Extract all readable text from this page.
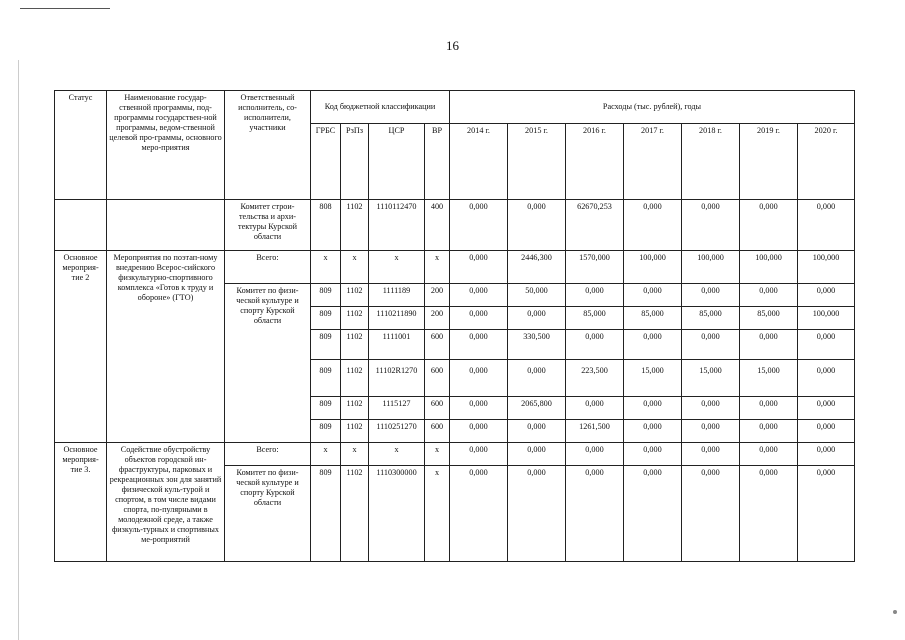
16
Статус	Наименование государ-ственной программы, под-программы государствен-ной программы, ведом-ственной целевой про-граммы, основного меро-приятия	Ответственный исполнитель, со-исполнители, участники	Код бюджетной классификации				Расходы (тыс. рублей), годы						
			ГРБС	РзПз	ЦСР	ВР	2014 г.	2015 г.	2016 г.	2017 г.	2018 г.	2019 г.	2020 г.
		Комитет строи-тельства и архи-тектуры Курской области	808	1102	1110112470	400	0,000	0,000	62670,253	0,000	0,000	0,000	0,000
Основное мероприя-тие 2	Мероприятия по поэтап-ному внедрению Всерос-сийского физкультурно-спортивного комплекса «Готов к труду и обороне» (ГТО)	Всего:	x	x	x	x	0,000	2446,300	1570,000	100,000	100,000	100,000	100,000
		Комитет по физи-ческой культуре и спорту Курской области	809	1102	1111189	200	0,000	50,000	0,000	0,000	0,000	0,000	0,000
			809	1102	1110211890	200	0,000	0,000	85,000	85,000	85,000	85,000	100,000
			809	1102	1111001	600	0,000	330,500	0,000	0,000	0,000	0,000	0,000
			809	1102	11102R1270	600	0,000	0,000	223,500	15,000	15,000	15,000	0,000
			809	1102	1115127	600	0,000	2065,800	0,000	0,000	0,000	0,000	0,000
			809	1102	1110251270	600	0,000	0,000	1261,500	0,000	0,000	0,000	0,000
Основное мероприя-тие 3.	Содействие обустройству объектов городской ин-фраструктуры, парковых и рекреационных зон для занятий физической куль-турой и спортом, в том числе видами спорта, по-пулярными в молодежной среде, а также физкуль-турных и спортивных ме-роприятий	Всего:	x	x	x	x	0,000	0,000	0,000	0,000	0,000	0,000	0,000
		Комитет по физи-ческой культуре и спорту Курской области	809	1102	1110300000	x	0,000	0,000	0,000	0,000	0,000	0,000	0,000
